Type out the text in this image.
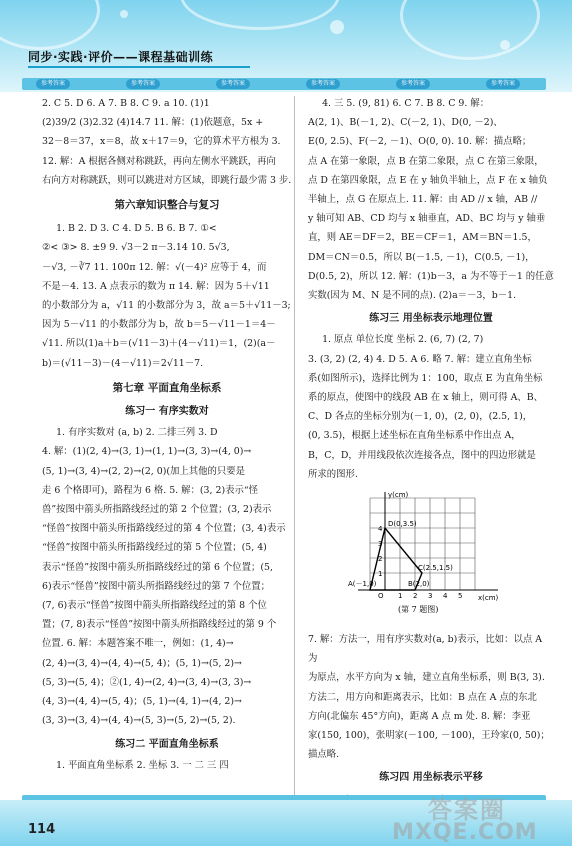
同步·实践·评价——课程基础训练
参考答案	参考答案	参考答案	参考答案	参考答案	参考答案

2. C 5. D 6. A 7. B 8. C 9. a 10. (1)1

(2)39/2 (3)2.32 (4)14.7 11. 解：(1)依题意，5x +

32－8＝37，x＝8，故 x＋17＝9，它的算术平方根为 3.

12. 解：A 根据各侧对称跳跃，再向左侧水平跳跃，再向

右向方对称跳跃，则可以跳进对方区域，即跳行最少需 3 步.

第六章知识整合与复习

1. B 2. D 3. C 4. D 5. B 6. B 7. ①<

②< ③> 8. ±9 9. √3－2 π－3.14 10. 5√3,

－√3, －∛7 11. 100π 12. 解：√(－4)² 应等于 4，而

不是－4. 13. A 点表示的数为 π 14. 解：因为 5＋√11

的小数部分为 a，√11 的小数部分为 3，故 a＝5＋√11－3;

因为 5－√11 的小数部分为 b，故 b＝5－√11－1＝4－

√11. 所以(1)a＋b＝(√11－3)＋(4－√11)＝1，(2)(a－

b)＝(√11－3)－(4－√11)＝2√11－7.

第七章 平面直角坐标系
练习一 有序实数对

1. 有序实数对 (a, b) 2. 二排三列 3. D

4. 解：(1)(2, 4)→(3, 1)→(1, 1)→(3, 3)→(4, 0)→

(5, 1)→(3, 4)→(2, 2)→(2, 0)(加上其他的只要是

走 6 个格即可)，路程为 6 格. 5. 解：(3, 2)表示“怪

兽”按图中箭头所指路线经过的第 2 个位置；(3, 2)表示

“怪兽”按图中箭头所指路线经过的第 4 个位置；(3, 4)表示

“怪兽”按图中箭头所指路线经过的第 5 个位置；(5, 4)

表示“怪兽”按图中箭头所指路线经过的第 6 个位置；(5,

6)表示“怪兽”按图中箭头所指路线经过的第 7 个位置；

(7, 6)表示“怪兽”按图中箭头所指路线经过的第 8 个位

置；(7, 8)表示“怪兽”按图中箭头所指路线经过的第 9 个

位置. 6. 解：本题答案不唯一，例如：(1, 4)→

(2, 4)→(3, 4)→(4, 4)→(5, 4)；(5, 1)→(5, 2)→

(5, 3)→(5, 4)；②(1, 4)→(2, 4)→(3, 4)→(3, 3)→

(4, 3)→(4, 4)→(5, 4)；(5, 1)→(4, 1)→(4, 2)→

(3, 3)→(3, 4)→(4, 4)→(5, 3)→(5, 2)→(5, 2).

练习二 平面直角坐标系

1. 平面直角坐标系 2. 坐标 3. 一 二 三 四

4. 三 5. (9, 81) 6. C 7. B 8. C 9. 解：

A(2, 1)、B(－1, 2)、C(－2, 1)、D(0, －2)、

E(0, 2.5)、F(－2, －1)、O(0, 0). 10. 解：描点略；

点 A 在第一象限，点 B 在第二象限，点 C 在第三象限，

点 D 在第四象限，点 E 在 y 轴负半轴上，点 F 在 x 轴负

半轴上，点 G 在原点上. 11. 解：由 AD // x 轴，AB //

y 轴可知 AB、CD 均与 x 轴垂直，AD、BC 均与 y 轴垂

直，则 AE＝DF＝2，BE＝CF＝1，AM＝BN＝1.5，

DM＝CN＝0.5，所以 B(－1.5, －1)，C(0.5, －1)，

D(0.5, 2)，所以 12. 解：(1)b－3，a 为不等于－1 的任意

实数(因为 M、N 是不同的点). (2)a＝－3，b－1.

练习三 用坐标表示地理位置

1. 原点 单位长度 坐标 2. (6, 7) (2, 7)

3. (3, 2) (2, 4) 4. D 5. A 6. 略 7. 解：建立直角坐标

系(如图所示)，选择比例为 1：100，取点 E 为直角坐标

系的原点，使图中的线段 AB 在 x 轴上，则可得 A、B、

C、D 各点的坐标分别为(－1, 0)，(2, 0)，(2.5, 1)，

(0, 3.5)，根据上述坐标在直角坐标系中作出点 A，

B，C，D，并用线段依次连接各点，图中的四边形就是

所求的图形.

y(cm)
x(cm)
D(0,3.5)
C(2.5,1.5)
A(－1,0)	B(2,0)
O
4
3
2
1
1 2 3 4 5
(第 7 题图)

7. 解：方法一，用有序实数对(a, b)表示，比如：以点 A 为

为原点，水平方向为 x 轴，建立直角坐标系，则 B(3, 3).

方法二，用方向和距离表示，比如：B 点在 A 点的东北

方向(北偏东 45°方向)，距离 A 点 m 处. 8. 解：李亚

家(150, 100)，张明家(－100, －100)，王玲家(0, 50)；

描点略.

练习四 用坐标表示平移

114
答案圈
MXQE.COM
